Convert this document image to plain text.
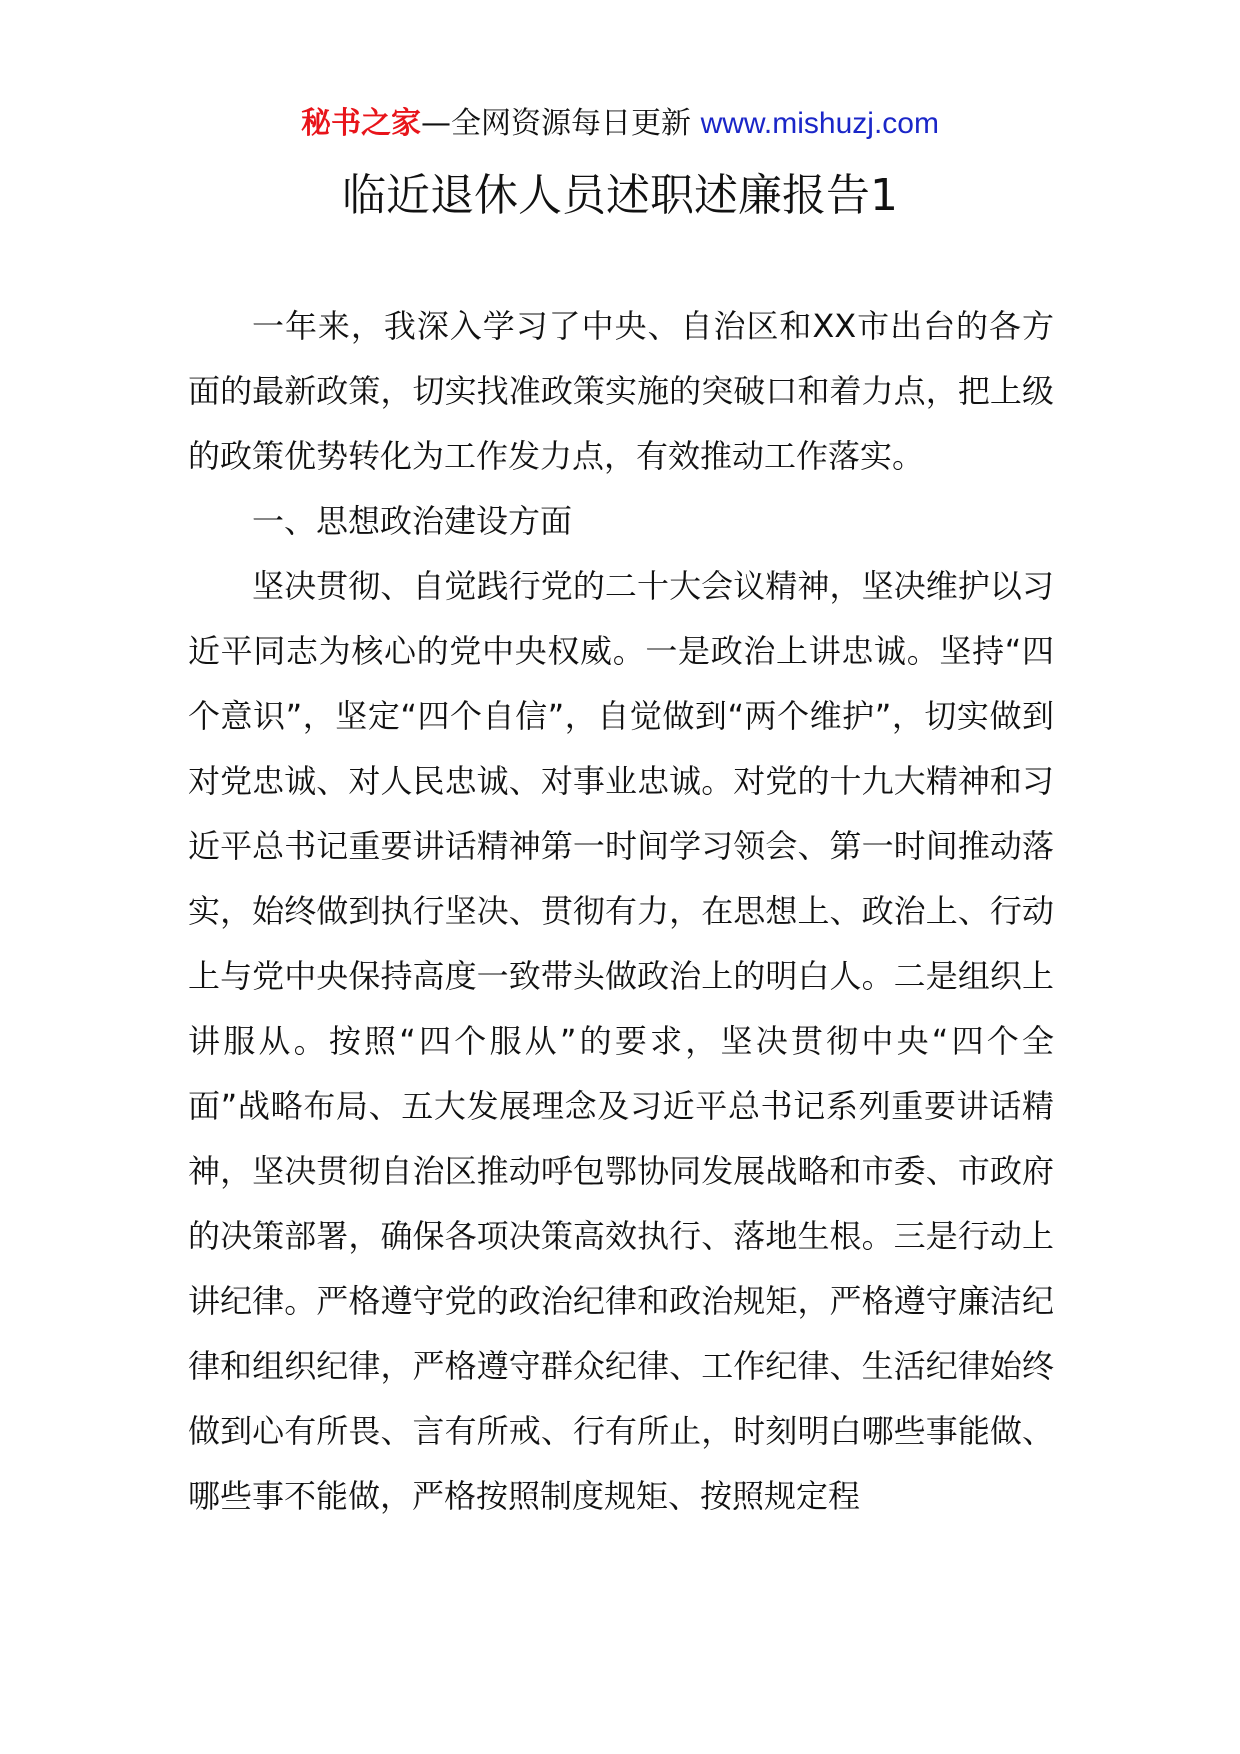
秘书之家—全网资源每日更新 www.mishuzj.com
临近退休人员述职述廉报告1

一年来，我深入学习了中央、自治区和XX市出台的各方面的最新政策，切实找准政策实施的突破口和着力点，把上级的政策优势转化为工作发力点，有效推动工作落实。

一、思想政治建设方面

坚决贯彻、自觉践行党的二十大会议精神，坚决维护以习近平同志为核心的党中央权威。一是政治上讲忠诚。坚持“四个意识”，坚定“四个自信”，自觉做到“两个维护”，切实做到对党忠诚、对人民忠诚、对事业忠诚。对党的十九大精神和习近平总书记重要讲话精神第一时间学习领会、第一时间推动落实，始终做到执行坚决、贯彻有力，在思想上、政治上、行动上与党中央保持高度一致带头做政治上的明白人。二是组织上讲服从。按照“四个服从”的要求，坚决贯彻中央“四个全面”战略布局、五大发展理念及习近平总书记系列重要讲话精神，坚决贯彻自治区推动呼包鄂协同发展战略和市委、市政府的决策部署，确保各项决策高效执行、落地生根。三是行动上讲纪律。严格遵守党的政治纪律和政治规矩，严格遵守廉洁纪律和组织纪律，严格遵守群众纪律、工作纪律、生活纪律始终做到心有所畏、言有所戒、行有所止，时刻明白哪些事能做、哪些事不能做，严格按照制度规矩、按照规定程
